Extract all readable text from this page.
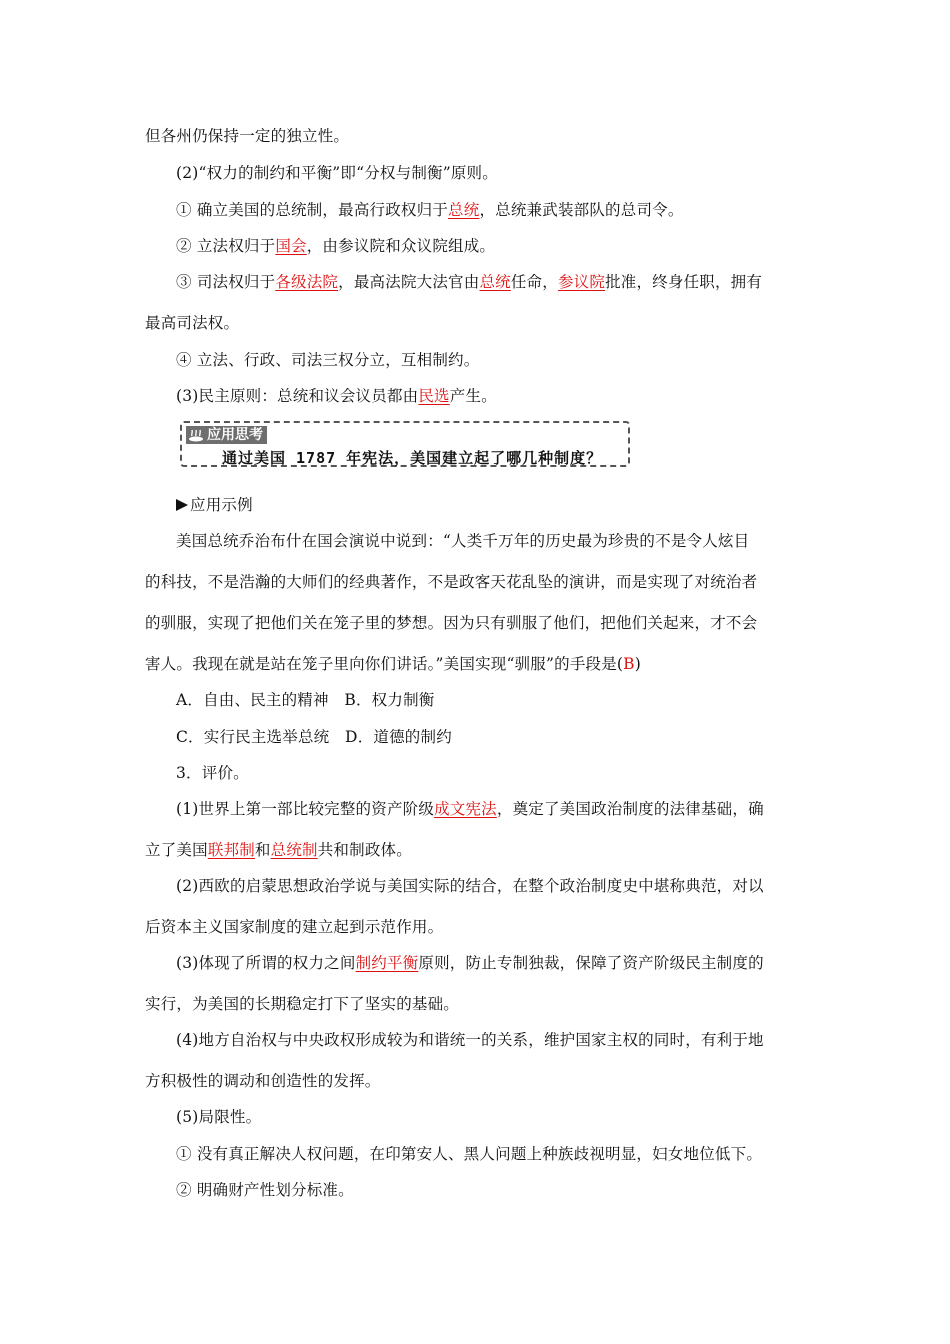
但各州仍保持一定的独立性。
(2)“权力的制约和平衡”即“分权与制衡”原则。
① 确立美国的总统制，最高行政权归于总统，总统兼武装部队的总司令。
② 立法权归于国会，由参议院和众议院组成。
③ 司法权归于各级法院，最高法院大法官由总统任命，参议院批准，终身任职，拥有
最高司法权。
④ 立法、行政、司法三权分立，互相制约。
(3)民主原则：总统和议会议员都由民选产生。
应用思考
通过美国 1787 年宪法，美国建立起了哪几种制度？
应用示例
美国总统乔治布什在国会演说中说到：“人类千万年的历史最为珍贵的不是令人炫目
的科技，不是浩瀚的大师们的经典著作，不是政客天花乱坠的演讲，而是实现了对统治者
的驯服，实现了把他们关在笼子里的梦想。因为只有驯服了他们，把他们关起来，才不会
害人。我现在就是站在笼子里向你们讲话。”美国实现“驯服”的手段是(B)
A．自由、民主的精神　B．权力制衡
C．实行民主选举总统　D．道德的制约
3．评价。
(1)世界上第一部比较完整的资产阶级成文宪法，奠定了美国政治制度的法律基础，确
立了美国联邦制和总统制共和制政体。
(2)西欧的启蒙思想政治学说与美国实际的结合，在整个政治制度史中堪称典范，对以
后资本主义国家制度的建立起到示范作用。
(3)体现了所谓的权力之间制约平衡原则，防止专制独裁，保障了资产阶级民主制度的
实行，为美国的长期稳定打下了坚实的基础。
(4)地方自治权与中央政权形成较为和谐统一的关系，维护国家主权的同时，有利于地
方积极性的调动和创造性的发挥。
(5)局限性。
① 没有真正解决人权问题，在印第安人、黑人问题上种族歧视明显，妇女地位低下。
② 明确财产性划分标准。
